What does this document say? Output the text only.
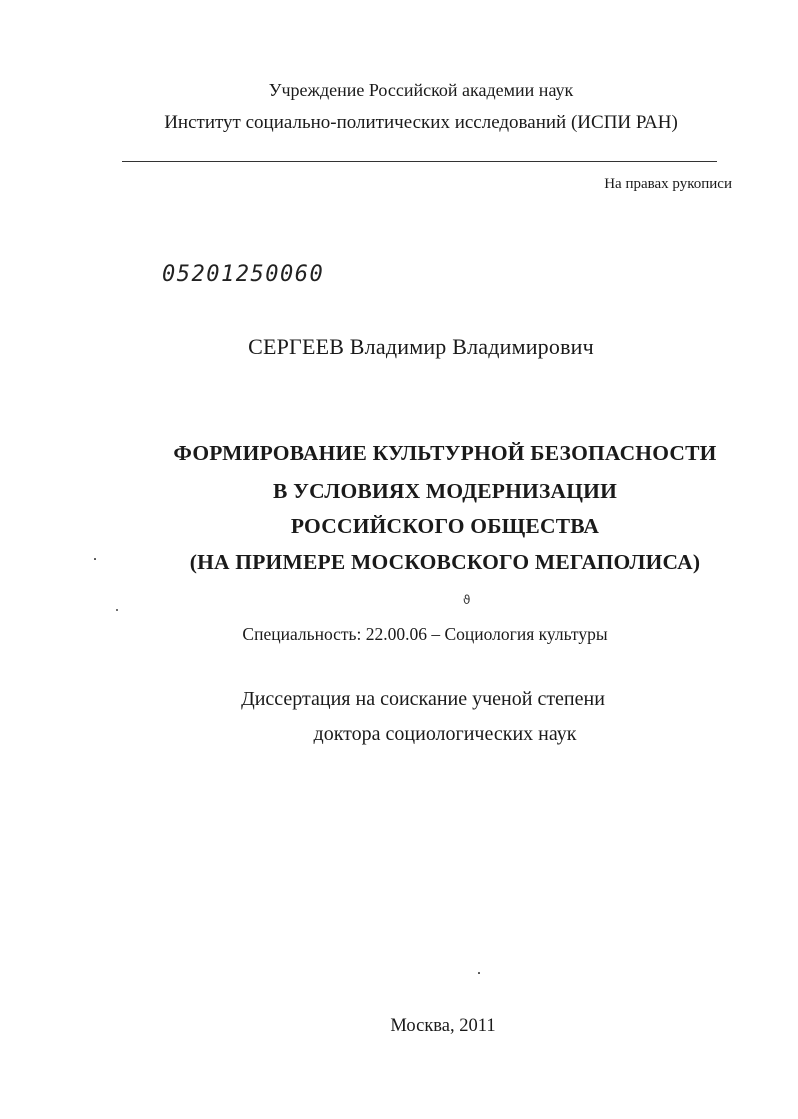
Учреждение Российской академии наук
Институт социально-политических исследований (ИСПИ РАН)
На правах рукописи
05201250060
СЕРГЕЕВ Владимир Владимирович
ФОРМИРОВАНИЕ КУЛЬТУРНОЙ БЕЗОПАСНОСТИ
В УСЛОВИЯХ МОДЕРНИЗАЦИИ
РОССИЙСКОГО ОБЩЕСТВА
(НА ПРИМЕРЕ МОСКОВСКОГО МЕГАПОЛИСА)
ϑ
Специальность: 22.00.06 – Социология культуры
Диссертация на соискание ученой степени
доктора социологических наук
Москва, 2011
